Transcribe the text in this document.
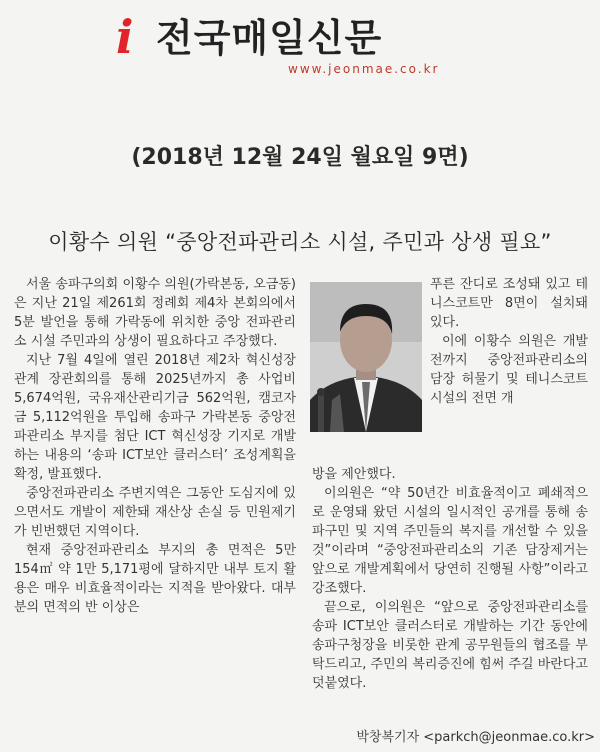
i 전국매일신문
www.jeonmae.co.kr
(2018년 12월 24일 월요일 9면)
이황수 의원 “중앙전파관리소 시설, 주민과 상생 필요”

서울 송파구의회 이황수 의원(가락본동, 오금동)은 지난 21일 제261회 정례회 제4차 본회의에서 5분 발언을 통해 가락동에 위치한 중앙 전파관리소 시설 주민과의 상생이 필요하다고 주장했다.

지난 7월 4일에 열린 2018년 제2차 혁신성장 관계 장관회의를 통해 2025년까지 총 사업비 5,674억원, 국유재산관리기금 562억원, 캠코자금 5,112억원을 투입해 송파구 가락본동 중앙전파관리소 부지를 첨단 ICT 혁신성장 기지로 개발하는 내용의 ‘송파 ICT보안 클러스터’ 조성계획을 확정, 발표했다.

중앙전파관리소 주변지역은 그동안 도심지에 있으면서도 개발이 제한돼 재산상 손실 등 민원제기가 빈번했던 지역이다.

현재 중앙전파관리소 부지의 총 면적은 5만 154㎡ 약 1만 5,171평에 달하지만 내부 토지 활용은 매우 비효율적이라는 지적을 받아왔다. 대부분의 면적의 반 이상은

푸른 잔디로 조성돼 있고 테니스코트만 8면이 설치돼 있다.

이에 이황수 의원은 개발 전까지 중앙전파관리소의 담장 허물기 및 테니스코트 시설의 전면 개

방을 제안했다.

이의원은 “약 50년간 비효율적이고 폐쇄적으로 운영돼 왔던 시설의 일시적인 공개를 통해 송파구민 및 지역 주민들의 복지를 개선할 수 있을 것”이라며 “중앙전파관리소의 기존 담장제거는 앞으로 개발계획에서 당연히 진행될 사항”이라고 강조했다.

끝으로, 이의원은 “앞으로 중앙전파관리소를 송파 ICT보안 클러스터로 개발하는 기간 동안에 송파구청장을 비롯한 관계 공무원들의 협조를 부탁드리고, 주민의 복리증진에 힘써 주길 바란다고 덧붙였다.

박창복기자 <parkch@jeonmae.co.kr>
